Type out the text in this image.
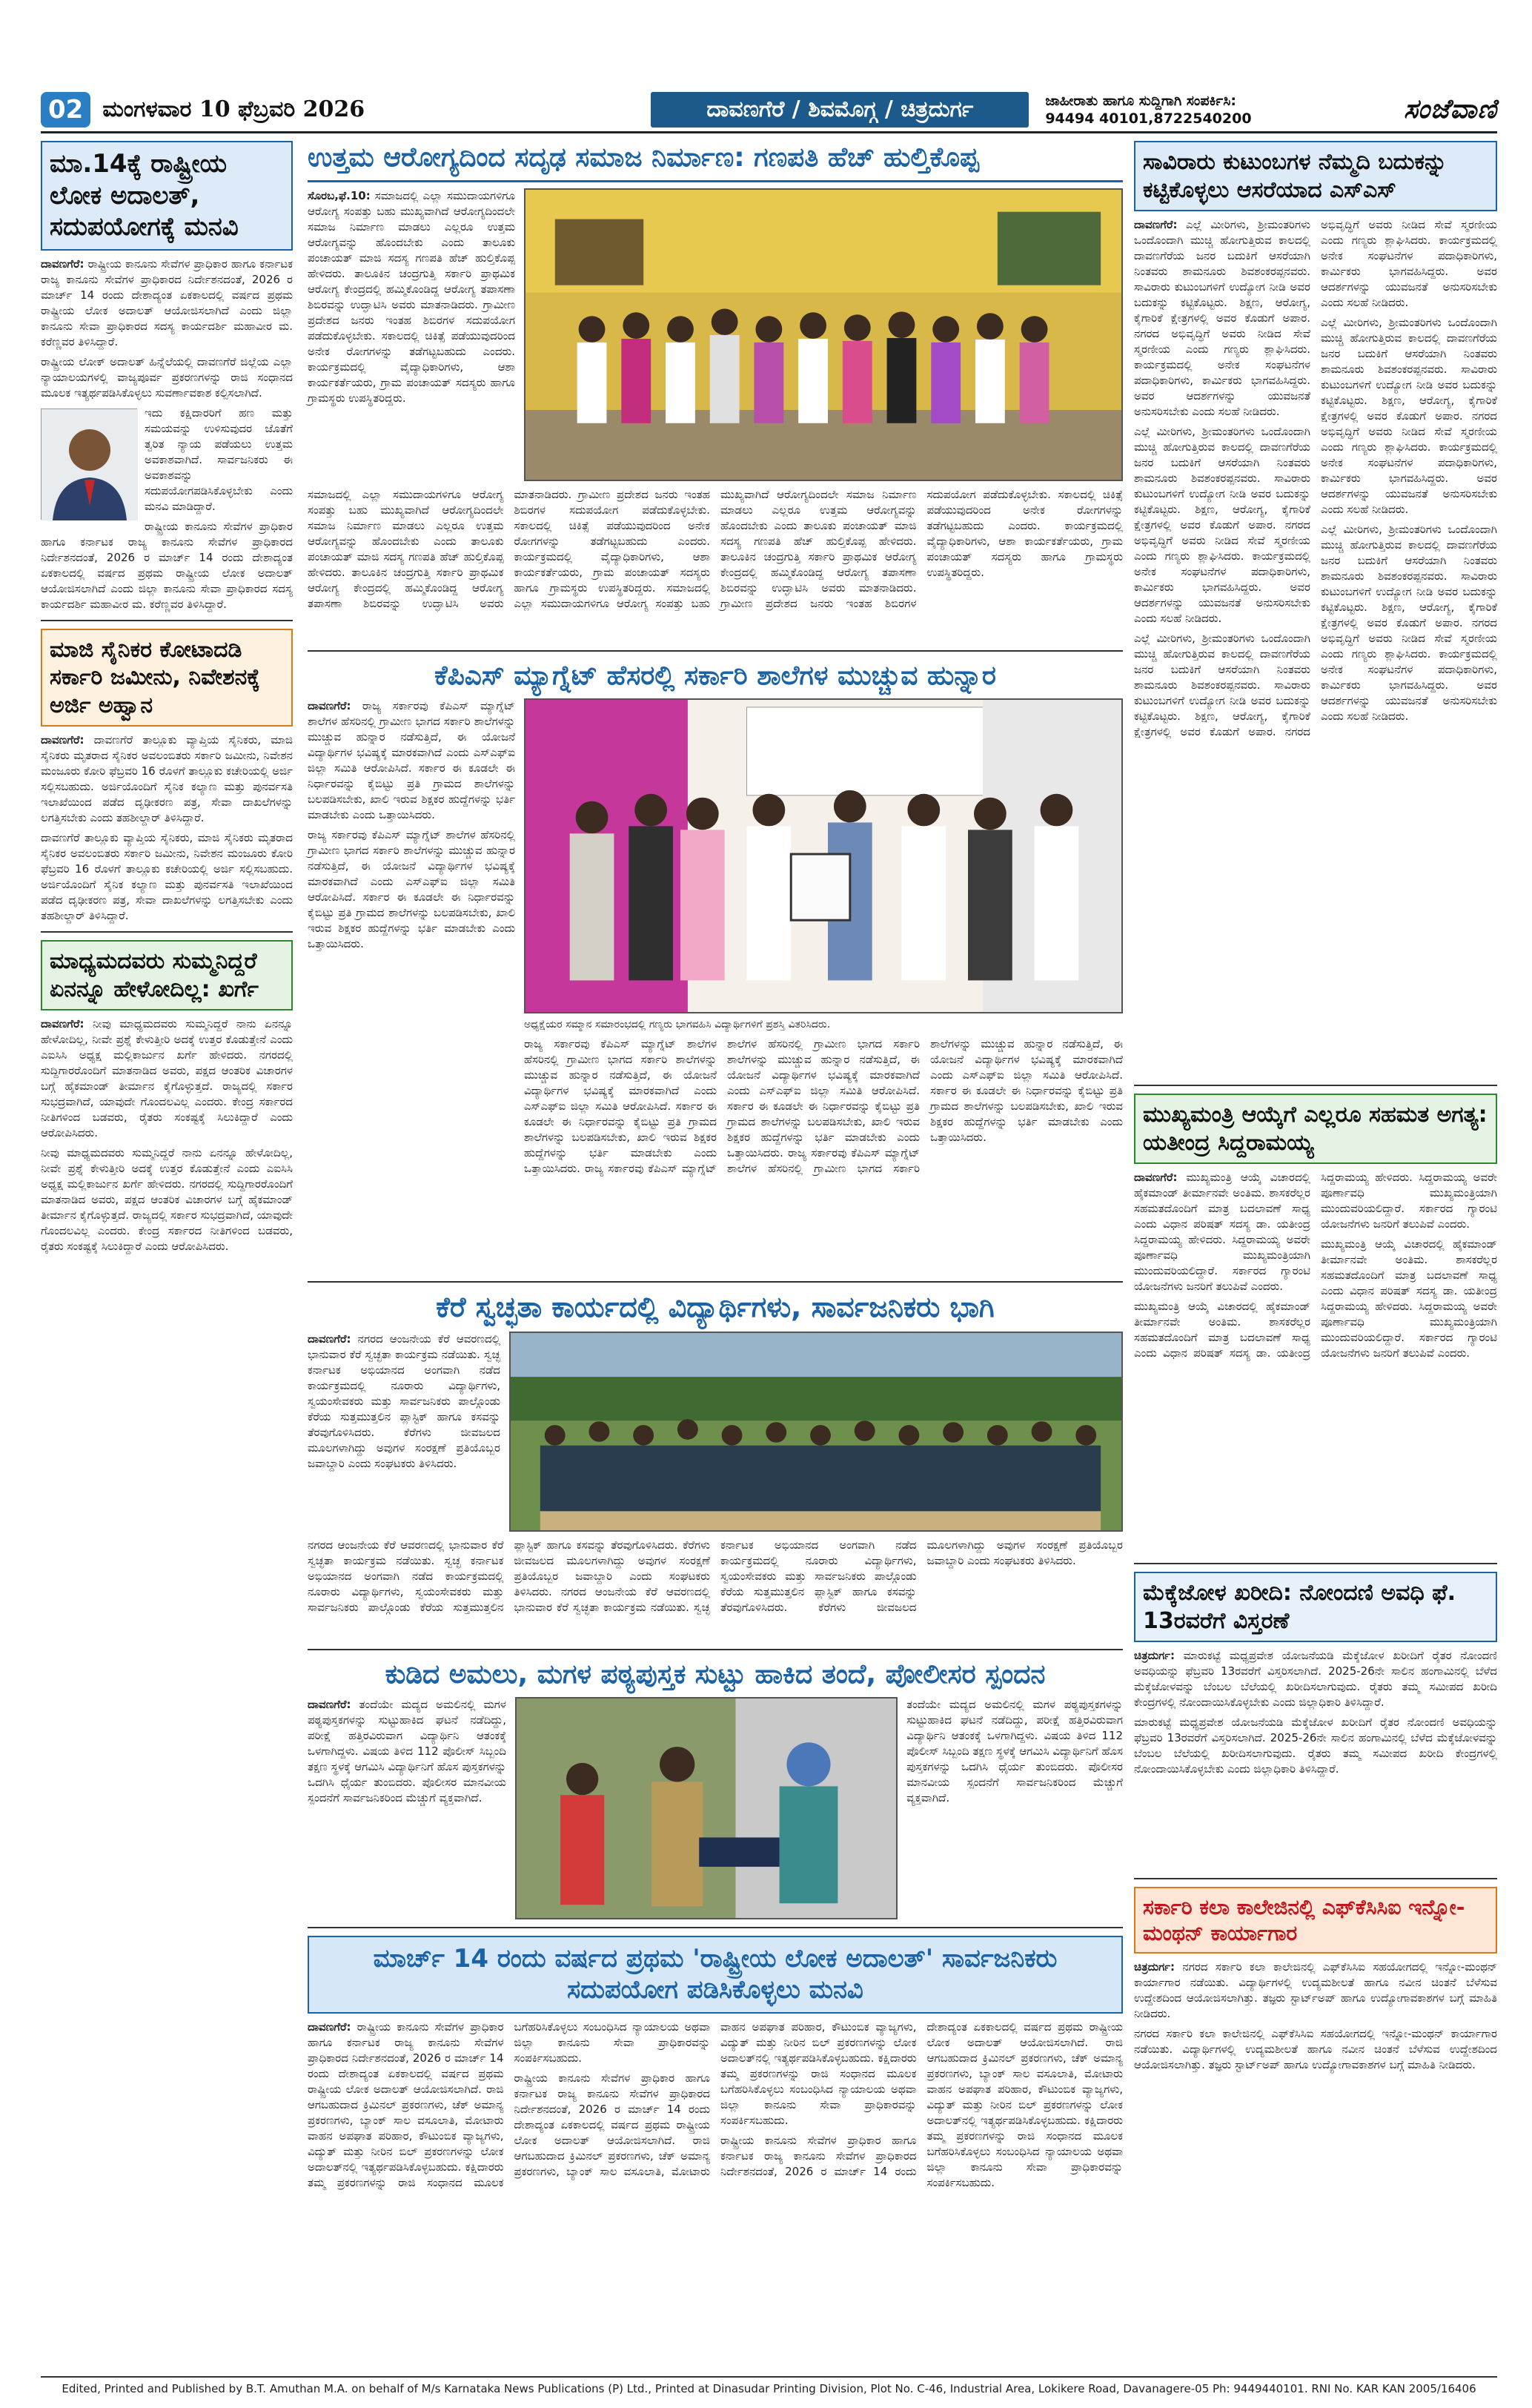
02 ಮಂಗಳವಾರ 10 ಫೆಬ್ರವರಿ 2026	ದಾವಣಗೆರೆ / ಶಿವಮೊಗ್ಗ / ಚಿತ್ರದುರ್ಗ	ಜಾಹೀರಾತು ಹಾಗೂ ಸುದ್ದಿಗಾಗಿ ಸಂಪರ್ಕಿಸಿ:
94494 40101,8722540200	ಸಂಜೆವಾಣಿ
ಮಾ.14ಕ್ಕೆ ರಾಷ್ಟ್ರೀಯ ಲೋಕ ಅದಾಲತ್, ಸದುಪಯೋಗಕ್ಕೆ ಮನವಿ

ದಾವಣಗೆರೆ: ರಾಷ್ಟ್ರೀಯ ಕಾನೂನು ಸೇವೆಗಳ ಪ್ರಾಧಿಕಾರ ಹಾಗೂ ಕರ್ನಾಟಕ ರಾಜ್ಯ ಕಾನೂನು ಸೇವೆಗಳ ಪ್ರಾಧಿಕಾರದ ನಿರ್ದೇಶನದಂತೆ, 2026 ರ ಮಾರ್ಚ್ 14 ರಂದು ದೇಶಾದ್ಯಂತ ಏಕಕಾಲದಲ್ಲಿ ವರ್ಷದ ಪ್ರಥಮ ರಾಷ್ಟ್ರೀಯ ಲೋಕ ಅದಾಲತ್ ಆಯೋಜಿಸಲಾಗಿದೆ ಎಂದು ಜಿಲ್ಲಾ ಕಾನೂನು ಸೇವಾ ಪ್ರಾಧಿಕಾರದ ಸದಸ್ಯ ಕಾರ್ಯದರ್ಶಿ ಮಹಾವೀರ ಮ. ಕರೆಣ್ಣವರ ತಿಳಿಸಿದ್ದಾರೆ.

ರಾಷ್ಟ್ರೀಯ ಲೋಕ್ ಅದಾಲತ್ ಹಿನ್ನೆಲೆಯಲ್ಲಿ ದಾವಣಗೆರೆ ಜಿಲ್ಲೆಯ ಎಲ್ಲಾ ನ್ಯಾಯಾಲಯಗಳಲ್ಲಿ ವಾಜ್ಯಪೂರ್ವ ಪ್ರಕರಣಗಳನ್ನು ರಾಜಿ ಸಂಧಾನದ ಮೂಲಕ ಇತ್ಯರ್ಥಪಡಿಸಿಕೊಳ್ಳಲು ಸುವರ್ಣಾವಕಾಶ ಕಲ್ಪಿಸಲಾಗಿದೆ.

ಇದು ಕಕ್ಷಿದಾರರಿಗೆ ಹಣ ಮತ್ತು ಸಮಯವನ್ನು ಉಳಿಸುವುದರ ಜೊತೆಗೆ ತ್ವರಿತ ನ್ಯಾಯ ಪಡೆಯಲು ಉತ್ತಮ ಅವಕಾಶವಾಗಿದೆ. ಸಾರ್ವಜನಿಕರು ಈ ಅವಕಾಶವನ್ನು ಸದುಪಯೋಗಪಡಿಸಿಕೊಳ್ಳಬೇಕು ಎಂದು ಮನವಿ ಮಾಡಿದ್ದಾರೆ.

ರಾಷ್ಟ್ರೀಯ ಕಾನೂನು ಸೇವೆಗಳ ಪ್ರಾಧಿಕಾರ ಹಾಗೂ ಕರ್ನಾಟಕ ರಾಜ್ಯ ಕಾನೂನು ಸೇವೆಗಳ ಪ್ರಾಧಿಕಾರದ ನಿರ್ದೇಶನದಂತೆ, 2026 ರ ಮಾರ್ಚ್ 14 ರಂದು ದೇಶಾದ್ಯಂತ ಏಕಕಾಲದಲ್ಲಿ ವರ್ಷದ ಪ್ರಥಮ ರಾಷ್ಟ್ರೀಯ ಲೋಕ ಅದಾಲತ್ ಆಯೋಜಿಸಲಾಗಿದೆ ಎಂದು ಜಿಲ್ಲಾ ಕಾನೂನು ಸೇವಾ ಪ್ರಾಧಿಕಾರದ ಸದಸ್ಯ ಕಾರ್ಯದರ್ಶಿ ಮಹಾವೀರ ಮ. ಕರೆಣ್ಣವರ ತಿಳಿಸಿದ್ದಾರೆ.

ಮಾಜಿ ಸೈನಿಕರ ಕೋಟಾದಡಿ ಸರ್ಕಾರಿ ಜಮೀನು, ನಿವೇಶನಕ್ಕೆ ಅರ್ಜಿ ಅಹ್ವಾನ

ದಾವಣಗೆರೆ: ದಾವಣಗೆರೆ ತಾಲ್ಲೂಕು ವ್ಯಾಪ್ತಿಯ ಸೈನಿಕರು, ಮಾಜಿ ಸೈನಿಕರು ಮೃತರಾದ ಸೈನಿಕರ ಅವಲಂಬಿತರು ಸರ್ಕಾರಿ ಜಮೀನು, ನಿವೇಶನ ಮಂಜೂರು ಕೋರಿ ಫೆಬ್ರವರಿ 16 ರೊಳಗೆ ತಾಲ್ಲೂಕು ಕಚೇರಿಯಲ್ಲಿ ಅರ್ಜಿ ಸಲ್ಲಿಸಬಹುದು. ಅರ್ಜಿಯೊಂದಿಗೆ ಸೈನಿಕ ಕಲ್ಯಾಣ ಮತ್ತು ಪುನರ್ವಸತಿ ಇಲಾಖೆಯಿಂದ ಪಡೆದ ದೃಢೀಕರಣ ಪತ್ರ, ಸೇವಾ ದಾಖಲೆಗಳನ್ನು ಲಗತ್ತಿಸಬೇಕು ಎಂದು ತಹಶೀಲ್ದಾರ್ ತಿಳಿಸಿದ್ದಾರೆ.

ದಾವಣಗೆರೆ ತಾಲ್ಲೂಕು ವ್ಯಾಪ್ತಿಯ ಸೈನಿಕರು, ಮಾಜಿ ಸೈನಿಕರು ಮೃತರಾದ ಸೈನಿಕರ ಅವಲಂಬಿತರು ಸರ್ಕಾರಿ ಜಮೀನು, ನಿವೇಶನ ಮಂಜೂರು ಕೋರಿ ಫೆಬ್ರವರಿ 16 ರೊಳಗೆ ತಾಲ್ಲೂಕು ಕಚೇರಿಯಲ್ಲಿ ಅರ್ಜಿ ಸಲ್ಲಿಸಬಹುದು. ಅರ್ಜಿಯೊಂದಿಗೆ ಸೈನಿಕ ಕಲ್ಯಾಣ ಮತ್ತು ಪುನರ್ವಸತಿ ಇಲಾಖೆಯಿಂದ ಪಡೆದ ದೃಢೀಕರಣ ಪತ್ರ, ಸೇವಾ ದಾಖಲೆಗಳನ್ನು ಲಗತ್ತಿಸಬೇಕು ಎಂದು ತಹಶೀಲ್ದಾರ್ ತಿಳಿಸಿದ್ದಾರೆ.

ಮಾಧ್ಯಮದವರು ಸುಮ್ಮನಿದ್ದರೆ ಏನನ್ನೂ ಹೇಳೋದಿಲ್ಲ: ಖರ್ಗೆ

ದಾವಣಗೆರೆ: ನೀವು ಮಾಧ್ಯಮದವರು ಸುಮ್ಮನಿದ್ದರೆ ನಾನು ಏನನ್ನೂ ಹೇಳೋದಿಲ್ಲ, ನೀವೇ ಪ್ರಶ್ನೆ ಕೇಳುತ್ತೀರಿ ಅದಕ್ಕೆ ಉತ್ತರ ಕೊಡುತ್ತೇನೆ ಎಂದು ಎಐಸಿಸಿ ಅಧ್ಯಕ್ಷ ಮಲ್ಲಿಕಾರ್ಜುನ ಖರ್ಗೆ ಹೇಳಿದರು. ನಗರದಲ್ಲಿ ಸುದ್ದಿಗಾರರೊಂದಿಗೆ ಮಾತನಾಡಿದ ಅವರು, ಪಕ್ಷದ ಆಂತರಿಕ ವಿಚಾರಗಳ ಬಗ್ಗೆ ಹೈಕಮಾಂಡ್ ತೀರ್ಮಾನ ಕೈಗೊಳ್ಳುತ್ತದೆ. ರಾಜ್ಯದಲ್ಲಿ ಸರ್ಕಾರ ಸುಭದ್ರವಾಗಿದೆ, ಯಾವುದೇ ಗೊಂದಲವಿಲ್ಲ ಎಂದರು. ಕೇಂದ್ರ ಸರ್ಕಾರದ ನೀತಿಗಳಿಂದ ಬಡವರು, ರೈತರು ಸಂಕಷ್ಟಕ್ಕೆ ಸಿಲುಕಿದ್ದಾರೆ ಎಂದು ಆರೋಪಿಸಿದರು.

ನೀವು ಮಾಧ್ಯಮದವರು ಸುಮ್ಮನಿದ್ದರೆ ನಾನು ಏನನ್ನೂ ಹೇಳೋದಿಲ್ಲ, ನೀವೇ ಪ್ರಶ್ನೆ ಕೇಳುತ್ತೀರಿ ಅದಕ್ಕೆ ಉತ್ತರ ಕೊಡುತ್ತೇನೆ ಎಂದು ಎಐಸಿಸಿ ಅಧ್ಯಕ್ಷ ಮಲ್ಲಿಕಾರ್ಜುನ ಖರ್ಗೆ ಹೇಳಿದರು. ನಗರದಲ್ಲಿ ಸುದ್ದಿಗಾರರೊಂದಿಗೆ ಮಾತನಾಡಿದ ಅವರು, ಪಕ್ಷದ ಆಂತರಿಕ ವಿಚಾರಗಳ ಬಗ್ಗೆ ಹೈಕಮಾಂಡ್ ತೀರ್ಮಾನ ಕೈಗೊಳ್ಳುತ್ತದೆ. ರಾಜ್ಯದಲ್ಲಿ ಸರ್ಕಾರ ಸುಭದ್ರವಾಗಿದೆ, ಯಾವುದೇ ಗೊಂದಲವಿಲ್ಲ ಎಂದರು. ಕೇಂದ್ರ ಸರ್ಕಾರದ ನೀತಿಗಳಿಂದ ಬಡವರು, ರೈತರು ಸಂಕಷ್ಟಕ್ಕೆ ಸಿಲುಕಿದ್ದಾರೆ ಎಂದು ಆರೋಪಿಸಿದರು.

ಉತ್ತಮ ಆರೋಗ್ಯದಿಂದ ಸದೃಢ ಸಮಾಜ ನಿರ್ಮಾಣ: ಗಣಪತಿ ಹೆಚ್ ಹುಲ್ತಿಕೊಪ್ಪ

ಸೊರಬ,ಫೆ.10: ಸಮಾಜದಲ್ಲಿ ಎಲ್ಲಾ ಸಮುದಾಯಗಳಿಗೂ ಆರೋಗ್ಯ ಸಂಪತ್ತು ಬಹು ಮುಖ್ಯವಾಗಿದೆ ಆರೋಗ್ಯದಿಂದಲೇ ಸಮಾಜ ನಿರ್ಮಾಣ ಮಾಡಲು ಎಲ್ಲರೂ ಉತ್ತಮ ಆರೋಗ್ಯವನ್ನು ಹೊಂದಬೇಕು ಎಂದು ತಾಲೂಕು ಪಂಚಾಯತ್ ಮಾಜಿ ಸದಸ್ಯ ಗಣಪತಿ ಹೆಚ್ ಹುಲ್ತಿಕೊಪ್ಪ ಹೇಳಿದರು. ತಾಲೂಕಿನ ಚಂದ್ರಗುತ್ತಿ ಸರ್ಕಾರಿ ಪ್ರಾಥಮಿಕ ಆರೋಗ್ಯ ಕೇಂದ್ರದಲ್ಲಿ ಹಮ್ಮಿಕೊಂಡಿದ್ದ ಆರೋಗ್ಯ ತಪಾಸಣಾ ಶಿಬಿರವನ್ನು ಉದ್ಘಾಟಿಸಿ ಅವರು ಮಾತನಾಡಿದರು. ಗ್ರಾಮೀಣ ಪ್ರದೇಶದ ಜನರು ಇಂತಹ ಶಿಬಿರಗಳ ಸದುಪಯೋಗ ಪಡೆದುಕೊಳ್ಳಬೇಕು. ಸಕಾಲದಲ್ಲಿ ಚಿಕಿತ್ಸೆ ಪಡೆಯುವುದರಿಂದ ಅನೇಕ ರೋಗಗಳನ್ನು ತಡೆಗಟ್ಟಬಹುದು ಎಂದರು. ಕಾರ್ಯಕ್ರಮದಲ್ಲಿ ವೈದ್ಯಾಧಿಕಾರಿಗಳು, ಆಶಾ ಕಾರ್ಯಕರ್ತೆಯರು, ಗ್ರಾಮ ಪಂಚಾಯತ್ ಸದಸ್ಯರು ಹಾಗೂ ಗ್ರಾಮಸ್ಥರು ಉಪಸ್ಥಿತರಿದ್ದರು.

ಸಮಾಜದಲ್ಲಿ ಎಲ್ಲಾ ಸಮುದಾಯಗಳಿಗೂ ಆರೋಗ್ಯ ಸಂಪತ್ತು ಬಹು ಮುಖ್ಯವಾಗಿದೆ ಆರೋಗ್ಯದಿಂದಲೇ ಸಮಾಜ ನಿರ್ಮಾಣ ಮಾಡಲು ಎಲ್ಲರೂ ಉತ್ತಮ ಆರೋಗ್ಯವನ್ನು ಹೊಂದಬೇಕು ಎಂದು ತಾಲೂಕು ಪಂಚಾಯತ್ ಮಾಜಿ ಸದಸ್ಯ ಗಣಪತಿ ಹೆಚ್ ಹುಲ್ತಿಕೊಪ್ಪ ಹೇಳಿದರು. ತಾಲೂಕಿನ ಚಂದ್ರಗುತ್ತಿ ಸರ್ಕಾರಿ ಪ್ರಾಥಮಿಕ ಆರೋಗ್ಯ ಕೇಂದ್ರದಲ್ಲಿ ಹಮ್ಮಿಕೊಂಡಿದ್ದ ಆರೋಗ್ಯ ತಪಾಸಣಾ ಶಿಬಿರವನ್ನು ಉದ್ಘಾಟಿಸಿ ಅವರು ಮಾತನಾಡಿದರು. ಗ್ರಾಮೀಣ ಪ್ರದೇಶದ ಜನರು ಇಂತಹ ಶಿಬಿರಗಳ ಸದುಪಯೋಗ ಪಡೆದುಕೊಳ್ಳಬೇಕು. ಸಕಾಲದಲ್ಲಿ ಚಿಕಿತ್ಸೆ ಪಡೆಯುವುದರಿಂದ ಅನೇಕ ರೋಗಗಳನ್ನು ತಡೆಗಟ್ಟಬಹುದು ಎಂದರು. ಕಾರ್ಯಕ್ರಮದಲ್ಲಿ ವೈದ್ಯಾಧಿಕಾರಿಗಳು, ಆಶಾ ಕಾರ್ಯಕರ್ತೆಯರು, ಗ್ರಾಮ ಪಂಚಾಯತ್ ಸದಸ್ಯರು ಹಾಗೂ ಗ್ರಾಮಸ್ಥರು ಉಪಸ್ಥಿತರಿದ್ದರು. ಸಮಾಜದಲ್ಲಿ ಎಲ್ಲಾ ಸಮುದಾಯಗಳಿಗೂ ಆರೋಗ್ಯ ಸಂಪತ್ತು ಬಹು ಮುಖ್ಯವಾಗಿದೆ ಆರೋಗ್ಯದಿಂದಲೇ ಸಮಾಜ ನಿರ್ಮಾಣ ಮಾಡಲು ಎಲ್ಲರೂ ಉತ್ತಮ ಆರೋಗ್ಯವನ್ನು ಹೊಂದಬೇಕು ಎಂದು ತಾಲೂಕು ಪಂಚಾಯತ್ ಮಾಜಿ ಸದಸ್ಯ ಗಣಪತಿ ಹೆಚ್ ಹುಲ್ತಿಕೊಪ್ಪ ಹೇಳಿದರು. ತಾಲೂಕಿನ ಚಂದ್ರಗುತ್ತಿ ಸರ್ಕಾರಿ ಪ್ರಾಥಮಿಕ ಆರೋಗ್ಯ ಕೇಂದ್ರದಲ್ಲಿ ಹಮ್ಮಿಕೊಂಡಿದ್ದ ಆರೋಗ್ಯ ತಪಾಸಣಾ ಶಿಬಿರವನ್ನು ಉದ್ಘಾಟಿಸಿ ಅವರು ಮಾತನಾಡಿದರು. ಗ್ರಾಮೀಣ ಪ್ರದೇಶದ ಜನರು ಇಂತಹ ಶಿಬಿರಗಳ ಸದುಪಯೋಗ ಪಡೆದುಕೊಳ್ಳಬೇಕು. ಸಕಾಲದಲ್ಲಿ ಚಿಕಿತ್ಸೆ ಪಡೆಯುವುದರಿಂದ ಅನೇಕ ರೋಗಗಳನ್ನು ತಡೆಗಟ್ಟಬಹುದು ಎಂದರು. ಕಾರ್ಯಕ್ರಮದಲ್ಲಿ ವೈದ್ಯಾಧಿಕಾರಿಗಳು, ಆಶಾ ಕಾರ್ಯಕರ್ತೆಯರು, ಗ್ರಾಮ ಪಂಚಾಯತ್ ಸದಸ್ಯರು ಹಾಗೂ ಗ್ರಾಮಸ್ಥರು ಉಪಸ್ಥಿತರಿದ್ದರು.
ಕೆಪಿಎಸ್ ಮ್ಯಾಗ್ನೆಟ್ ಹೆಸರಲ್ಲಿ ಸರ್ಕಾರಿ ಶಾಲೆಗಳ ಮುಚ್ಚುವ ಹುನ್ನಾರ

ದಾವಣಗೆರೆ: ರಾಜ್ಯ ಸರ್ಕಾರವು ಕೆಪಿಎಸ್ ಮ್ಯಾಗ್ನೆಟ್ ಶಾಲೆಗಳ ಹೆಸರಿನಲ್ಲಿ ಗ್ರಾಮೀಣ ಭಾಗದ ಸರ್ಕಾರಿ ಶಾಲೆಗಳನ್ನು ಮುಚ್ಚುವ ಹುನ್ನಾರ ನಡೆಸುತ್ತಿದೆ, ಈ ಯೋಜನೆ ವಿದ್ಯಾರ್ಥಿಗಳ ಭವಿಷ್ಯಕ್ಕೆ ಮಾರಕವಾಗಿದೆ ಎಂದು ಎಸ್ಎಫ್ಐ ಜಿಲ್ಲಾ ಸಮಿತಿ ಆರೋಪಿಸಿದೆ. ಸರ್ಕಾರ ಈ ಕೂಡಲೇ ಈ ನಿರ್ಧಾರವನ್ನು ಕೈಬಿಟ್ಟು ಪ್ರತಿ ಗ್ರಾಮದ ಶಾಲೆಗಳನ್ನು ಬಲಪಡಿಸಬೇಕು, ಖಾಲಿ ಇರುವ ಶಿಕ್ಷಕರ ಹುದ್ದೆಗಳನ್ನು ಭರ್ತಿ ಮಾಡಬೇಕು ಎಂದು ಒತ್ತಾಯಿಸಿದರು.

ರಾಜ್ಯ ಸರ್ಕಾರವು ಕೆಪಿಎಸ್ ಮ್ಯಾಗ್ನೆಟ್ ಶಾಲೆಗಳ ಹೆಸರಿನಲ್ಲಿ ಗ್ರಾಮೀಣ ಭಾಗದ ಸರ್ಕಾರಿ ಶಾಲೆಗಳನ್ನು ಮುಚ್ಚುವ ಹುನ್ನಾರ ನಡೆಸುತ್ತಿದೆ, ಈ ಯೋಜನೆ ವಿದ್ಯಾರ್ಥಿಗಳ ಭವಿಷ್ಯಕ್ಕೆ ಮಾರಕವಾಗಿದೆ ಎಂದು ಎಸ್ಎಫ್ಐ ಜಿಲ್ಲಾ ಸಮಿತಿ ಆರೋಪಿಸಿದೆ. ಸರ್ಕಾರ ಈ ಕೂಡಲೇ ಈ ನಿರ್ಧಾರವನ್ನು ಕೈಬಿಟ್ಟು ಪ್ರತಿ ಗ್ರಾಮದ ಶಾಲೆಗಳನ್ನು ಬಲಪಡಿಸಬೇಕು, ಖಾಲಿ ಇರುವ ಶಿಕ್ಷಕರ ಹುದ್ದೆಗಳನ್ನು ಭರ್ತಿ ಮಾಡಬೇಕು ಎಂದು ಒತ್ತಾಯಿಸಿದರು.

ಅಧ್ಯಕ್ಷೆಯರ ಸಮ್ಮಾನ ಸಮಾರಂಭದಲ್ಲಿ ಗಣ್ಯರು ಭಾಗವಹಿಸಿ ವಿದ್ಯಾರ್ಥಿಗಳಿಗೆ ಪ್ರಶಸ್ತಿ ವಿತರಿಸಿದರು.
ರಾಜ್ಯ ಸರ್ಕಾರವು ಕೆಪಿಎಸ್ ಮ್ಯಾಗ್ನೆಟ್ ಶಾಲೆಗಳ ಹೆಸರಿನಲ್ಲಿ ಗ್ರಾಮೀಣ ಭಾಗದ ಸರ್ಕಾರಿ ಶಾಲೆಗಳನ್ನು ಮುಚ್ಚುವ ಹುನ್ನಾರ ನಡೆಸುತ್ತಿದೆ, ಈ ಯೋಜನೆ ವಿದ್ಯಾರ್ಥಿಗಳ ಭವಿಷ್ಯಕ್ಕೆ ಮಾರಕವಾಗಿದೆ ಎಂದು ಎಸ್ಎಫ್ಐ ಜಿಲ್ಲಾ ಸಮಿತಿ ಆರೋಪಿಸಿದೆ. ಸರ್ಕಾರ ಈ ಕೂಡಲೇ ಈ ನಿರ್ಧಾರವನ್ನು ಕೈಬಿಟ್ಟು ಪ್ರತಿ ಗ್ರಾಮದ ಶಾಲೆಗಳನ್ನು ಬಲಪಡಿಸಬೇಕು, ಖಾಲಿ ಇರುವ ಶಿಕ್ಷಕರ ಹುದ್ದೆಗಳನ್ನು ಭರ್ತಿ ಮಾಡಬೇಕು ಎಂದು ಒತ್ತಾಯಿಸಿದರು. ರಾಜ್ಯ ಸರ್ಕಾರವು ಕೆಪಿಎಸ್ ಮ್ಯಾಗ್ನೆಟ್ ಶಾಲೆಗಳ ಹೆಸರಿನಲ್ಲಿ ಗ್ರಾಮೀಣ ಭಾಗದ ಸರ್ಕಾರಿ ಶಾಲೆಗಳನ್ನು ಮುಚ್ಚುವ ಹುನ್ನಾರ ನಡೆಸುತ್ತಿದೆ, ಈ ಯೋಜನೆ ವಿದ್ಯಾರ್ಥಿಗಳ ಭವಿಷ್ಯಕ್ಕೆ ಮಾರಕವಾಗಿದೆ ಎಂದು ಎಸ್ಎಫ್ಐ ಜಿಲ್ಲಾ ಸಮಿತಿ ಆರೋಪಿಸಿದೆ. ಸರ್ಕಾರ ಈ ಕೂಡಲೇ ಈ ನಿರ್ಧಾರವನ್ನು ಕೈಬಿಟ್ಟು ಪ್ರತಿ ಗ್ರಾಮದ ಶಾಲೆಗಳನ್ನು ಬಲಪಡಿಸಬೇಕು, ಖಾಲಿ ಇರುವ ಶಿಕ್ಷಕರ ಹುದ್ದೆಗಳನ್ನು ಭರ್ತಿ ಮಾಡಬೇಕು ಎಂದು ಒತ್ತಾಯಿಸಿದರು. ರಾಜ್ಯ ಸರ್ಕಾರವು ಕೆಪಿಎಸ್ ಮ್ಯಾಗ್ನೆಟ್ ಶಾಲೆಗಳ ಹೆಸರಿನಲ್ಲಿ ಗ್ರಾಮೀಣ ಭಾಗದ ಸರ್ಕಾರಿ ಶಾಲೆಗಳನ್ನು ಮುಚ್ಚುವ ಹುನ್ನಾರ ನಡೆಸುತ್ತಿದೆ, ಈ ಯೋಜನೆ ವಿದ್ಯಾರ್ಥಿಗಳ ಭವಿಷ್ಯಕ್ಕೆ ಮಾರಕವಾಗಿದೆ ಎಂದು ಎಸ್ಎಫ್ಐ ಜಿಲ್ಲಾ ಸಮಿತಿ ಆರೋಪಿಸಿದೆ. ಸರ್ಕಾರ ಈ ಕೂಡಲೇ ಈ ನಿರ್ಧಾರವನ್ನು ಕೈಬಿಟ್ಟು ಪ್ರತಿ ಗ್ರಾಮದ ಶಾಲೆಗಳನ್ನು ಬಲಪಡಿಸಬೇಕು, ಖಾಲಿ ಇರುವ ಶಿಕ್ಷಕರ ಹುದ್ದೆಗಳನ್ನು ಭರ್ತಿ ಮಾಡಬೇಕು ಎಂದು ಒತ್ತಾಯಿಸಿದರು.
ಕೆರೆ ಸ್ವಚ್ಛತಾ ಕಾರ್ಯದಲ್ಲಿ ವಿದ್ಯಾರ್ಥಿಗಳು, ಸಾರ್ವಜನಿಕರು ಭಾಗಿ

ದಾವಣಗೆರೆ: ನಗರದ ಆಂಜನೇಯ ಕೆರೆ ಆವರಣದಲ್ಲಿ ಭಾನುವಾರ ಕೆರೆ ಸ್ವಚ್ಛತಾ ಕಾರ್ಯಕ್ರಮ ನಡೆಯಿತು. ಸ್ವಚ್ಛ ಕರ್ನಾಟಕ ಅಭಿಯಾನದ ಅಂಗವಾಗಿ ನಡೆದ ಕಾರ್ಯಕ್ರಮದಲ್ಲಿ ನೂರಾರು ವಿದ್ಯಾರ್ಥಿಗಳು, ಸ್ವಯಂಸೇವಕರು ಮತ್ತು ಸಾರ್ವಜನಿಕರು ಪಾಲ್ಗೊಂಡು ಕೆರೆಯ ಸುತ್ತಮುತ್ತಲಿನ ಪ್ಲಾಸ್ಟಿಕ್ ಹಾಗೂ ಕಸವನ್ನು ತೆರವುಗೊಳಿಸಿದರು. ಕೆರೆಗಳು ಜೀವಜಲದ ಮೂಲಗಳಾಗಿದ್ದು ಅವುಗಳ ಸಂರಕ್ಷಣೆ ಪ್ರತಿಯೊಬ್ಬರ ಜವಾಬ್ದಾರಿ ಎಂದು ಸಂಘಟಕರು ತಿಳಿಸಿದರು.

ನಗರದ ಆಂಜನೇಯ ಕೆರೆ ಆವರಣದಲ್ಲಿ ಭಾನುವಾರ ಕೆರೆ ಸ್ವಚ್ಛತಾ ಕಾರ್ಯಕ್ರಮ ನಡೆಯಿತು. ಸ್ವಚ್ಛ ಕರ್ನಾಟಕ ಅಭಿಯಾನದ ಅಂಗವಾಗಿ ನಡೆದ ಕಾರ್ಯಕ್ರಮದಲ್ಲಿ ನೂರಾರು ವಿದ್ಯಾರ್ಥಿಗಳು, ಸ್ವಯಂಸೇವಕರು ಮತ್ತು ಸಾರ್ವಜನಿಕರು ಪಾಲ್ಗೊಂಡು ಕೆರೆಯ ಸುತ್ತಮುತ್ತಲಿನ ಪ್ಲಾಸ್ಟಿಕ್ ಹಾಗೂ ಕಸವನ್ನು ತೆರವುಗೊಳಿಸಿದರು. ಕೆರೆಗಳು ಜೀವಜಲದ ಮೂಲಗಳಾಗಿದ್ದು ಅವುಗಳ ಸಂರಕ್ಷಣೆ ಪ್ರತಿಯೊಬ್ಬರ ಜವಾಬ್ದಾರಿ ಎಂದು ಸಂಘಟಕರು ತಿಳಿಸಿದರು. ನಗರದ ಆಂಜನೇಯ ಕೆರೆ ಆವರಣದಲ್ಲಿ ಭಾನುವಾರ ಕೆರೆ ಸ್ವಚ್ಛತಾ ಕಾರ್ಯಕ್ರಮ ನಡೆಯಿತು. ಸ್ವಚ್ಛ ಕರ್ನಾಟಕ ಅಭಿಯಾನದ ಅಂಗವಾಗಿ ನಡೆದ ಕಾರ್ಯಕ್ರಮದಲ್ಲಿ ನೂರಾರು ವಿದ್ಯಾರ್ಥಿಗಳು, ಸ್ವಯಂಸೇವಕರು ಮತ್ತು ಸಾರ್ವಜನಿಕರು ಪಾಲ್ಗೊಂಡು ಕೆರೆಯ ಸುತ್ತಮುತ್ತಲಿನ ಪ್ಲಾಸ್ಟಿಕ್ ಹಾಗೂ ಕಸವನ್ನು ತೆರವುಗೊಳಿಸಿದರು. ಕೆರೆಗಳು ಜೀವಜಲದ ಮೂಲಗಳಾಗಿದ್ದು ಅವುಗಳ ಸಂರಕ್ಷಣೆ ಪ್ರತಿಯೊಬ್ಬರ ಜವಾಬ್ದಾರಿ ಎಂದು ಸಂಘಟಕರು ತಿಳಿಸಿದರು.
ಕುಡಿದ ಅಮಲು, ಮಗಳ ಪಠ್ಯಪುಸ್ತಕ ಸುಟ್ಟು ಹಾಕಿದ ತಂದೆ, ಪೋಲೀಸರ ಸ್ಪಂದನ

ದಾವಣಗೆರೆ: ತಂದೆಯೇ ಮದ್ಯದ ಅಮಲಿನಲ್ಲಿ ಮಗಳ ಪಠ್ಯಪುಸ್ತಕಗಳನ್ನು ಸುಟ್ಟುಹಾಕಿದ ಘಟನೆ ನಡೆದಿದ್ದು, ಪರೀಕ್ಷೆ ಹತ್ತಿರವಿರುವಾಗ ವಿದ್ಯಾರ್ಥಿನಿ ಆತಂಕಕ್ಕೆ ಒಳಗಾಗಿದ್ದಳು. ವಿಷಯ ತಿಳಿದ 112 ಪೊಲೀಸ್ ಸಿಬ್ಬಂದಿ ತಕ್ಷಣ ಸ್ಥಳಕ್ಕೆ ಆಗಮಿಸಿ ವಿದ್ಯಾರ್ಥಿನಿಗೆ ಹೊಸ ಪುಸ್ತಕಗಳನ್ನು ಒದಗಿಸಿ ಧೈರ್ಯ ತುಂಬಿದರು. ಪೊಲೀಸರ ಮಾನವೀಯ ಸ್ಪಂದನೆಗೆ ಸಾರ್ವಜನಿಕರಿಂದ ಮೆಚ್ಚುಗೆ ವ್ಯಕ್ತವಾಗಿದೆ.

ತಂದೆಯೇ ಮದ್ಯದ ಅಮಲಿನಲ್ಲಿ ಮಗಳ ಪಠ್ಯಪುಸ್ತಕಗಳನ್ನು ಸುಟ್ಟುಹಾಕಿದ ಘಟನೆ ನಡೆದಿದ್ದು, ಪರೀಕ್ಷೆ ಹತ್ತಿರವಿರುವಾಗ ವಿದ್ಯಾರ್ಥಿನಿ ಆತಂಕಕ್ಕೆ ಒಳಗಾಗಿದ್ದಳು. ವಿಷಯ ತಿಳಿದ 112 ಪೊಲೀಸ್ ಸಿಬ್ಬಂದಿ ತಕ್ಷಣ ಸ್ಥಳಕ್ಕೆ ಆಗಮಿಸಿ ವಿದ್ಯಾರ್ಥಿನಿಗೆ ಹೊಸ ಪುಸ್ತಕಗಳನ್ನು ಒದಗಿಸಿ ಧೈರ್ಯ ತುಂಬಿದರು. ಪೊಲೀಸರ ಮಾನವೀಯ ಸ್ಪಂದನೆಗೆ ಸಾರ್ವಜನಿಕರಿಂದ ಮೆಚ್ಚುಗೆ ವ್ಯಕ್ತವಾಗಿದೆ.

ಮಾರ್ಚ್ 14 ರಂದು ವರ್ಷದ ಪ್ರಥಮ 'ರಾಷ್ಟ್ರೀಯ ಲೋಕ ಅದಾಲತ್' ಸಾರ್ವಜನಿಕರು ಸದುಪಯೋಗ ಪಡಿಸಿಕೊಳ್ಳಲು ಮನವಿ

ದಾವಣಗೆರೆ: ರಾಷ್ಟ್ರೀಯ ಕಾನೂನು ಸೇವೆಗಳ ಪ್ರಾಧಿಕಾರ ಹಾಗೂ ಕರ್ನಾಟಕ ರಾಜ್ಯ ಕಾನೂನು ಸೇವೆಗಳ ಪ್ರಾಧಿಕಾರದ ನಿರ್ದೇಶನದಂತೆ, 2026 ರ ಮಾರ್ಚ್ 14 ರಂದು ದೇಶಾದ್ಯಂತ ಏಕಕಾಲದಲ್ಲಿ ವರ್ಷದ ಪ್ರಥಮ ರಾಷ್ಟ್ರೀಯ ಲೋಕ ಅದಾಲತ್ ಆಯೋಜಿಸಲಾಗಿದೆ. ರಾಜಿ ಆಗಬಹುದಾದ ಕ್ರಿಮಿನಲ್ ಪ್ರಕರಣಗಳು, ಚೆಕ್ ಅಮಾನ್ಯ ಪ್ರಕರಣಗಳು, ಬ್ಯಾಂಕ್ ಸಾಲ ವಸೂಲಾತಿ, ಮೋಟಾರು ವಾಹನ ಅಪಘಾತ ಪರಿಹಾರ, ಕೌಟುಂಬಿಕ ವ್ಯಾಜ್ಯಗಳು, ವಿದ್ಯುತ್ ಮತ್ತು ನೀರಿನ ಬಿಲ್ ಪ್ರಕರಣಗಳನ್ನು ಲೋಕ ಅದಾಲತ್‌ನಲ್ಲಿ ಇತ್ಯರ್ಥಪಡಿಸಿಕೊಳ್ಳಬಹುದು. ಕಕ್ಷಿದಾರರು ತಮ್ಮ ಪ್ರಕರಣಗಳನ್ನು ರಾಜಿ ಸಂಧಾನದ ಮೂಲಕ ಬಗೆಹರಿಸಿಕೊಳ್ಳಲು ಸಂಬಂಧಿಸಿದ ನ್ಯಾಯಾಲಯ ಅಥವಾ ಜಿಲ್ಲಾ ಕಾನೂನು ಸೇವಾ ಪ್ರಾಧಿಕಾರವನ್ನು ಸಂಪರ್ಕಿಸಬಹುದು.

ರಾಷ್ಟ್ರೀಯ ಕಾನೂನು ಸೇವೆಗಳ ಪ್ರಾಧಿಕಾರ ಹಾಗೂ ಕರ್ನಾಟಕ ರಾಜ್ಯ ಕಾನೂನು ಸೇವೆಗಳ ಪ್ರಾಧಿಕಾರದ ನಿರ್ದೇಶನದಂತೆ, 2026 ರ ಮಾರ್ಚ್ 14 ರಂದು ದೇಶಾದ್ಯಂತ ಏಕಕಾಲದಲ್ಲಿ ವರ್ಷದ ಪ್ರಥಮ ರಾಷ್ಟ್ರೀಯ ಲೋಕ ಅದಾಲತ್ ಆಯೋಜಿಸಲಾಗಿದೆ. ರಾಜಿ ಆಗಬಹುದಾದ ಕ್ರಿಮಿನಲ್ ಪ್ರಕರಣಗಳು, ಚೆಕ್ ಅಮಾನ್ಯ ಪ್ರಕರಣಗಳು, ಬ್ಯಾಂಕ್ ಸಾಲ ವಸೂಲಾತಿ, ಮೋಟಾರು ವಾಹನ ಅಪಘಾತ ಪರಿಹಾರ, ಕೌಟುಂಬಿಕ ವ್ಯಾಜ್ಯಗಳು, ವಿದ್ಯುತ್ ಮತ್ತು ನೀರಿನ ಬಿಲ್ ಪ್ರಕರಣಗಳನ್ನು ಲೋಕ ಅದಾಲತ್‌ನಲ್ಲಿ ಇತ್ಯರ್ಥಪಡಿಸಿಕೊಳ್ಳಬಹುದು. ಕಕ್ಷಿದಾರರು ತಮ್ಮ ಪ್ರಕರಣಗಳನ್ನು ರಾಜಿ ಸಂಧಾನದ ಮೂಲಕ ಬಗೆಹರಿಸಿಕೊಳ್ಳಲು ಸಂಬಂಧಿಸಿದ ನ್ಯಾಯಾಲಯ ಅಥವಾ ಜಿಲ್ಲಾ ಕಾನೂನು ಸೇವಾ ಪ್ರಾಧಿಕಾರವನ್ನು ಸಂಪರ್ಕಿಸಬಹುದು.

ರಾಷ್ಟ್ರೀಯ ಕಾನೂನು ಸೇವೆಗಳ ಪ್ರಾಧಿಕಾರ ಹಾಗೂ ಕರ್ನಾಟಕ ರಾಜ್ಯ ಕಾನೂನು ಸೇವೆಗಳ ಪ್ರಾಧಿಕಾರದ ನಿರ್ದೇಶನದಂತೆ, 2026 ರ ಮಾರ್ಚ್ 14 ರಂದು ದೇಶಾದ್ಯಂತ ಏಕಕಾಲದಲ್ಲಿ ವರ್ಷದ ಪ್ರಥಮ ರಾಷ್ಟ್ರೀಯ ಲೋಕ ಅದಾಲತ್ ಆಯೋಜಿಸಲಾಗಿದೆ. ರಾಜಿ ಆಗಬಹುದಾದ ಕ್ರಿಮಿನಲ್ ಪ್ರಕರಣಗಳು, ಚೆಕ್ ಅಮಾನ್ಯ ಪ್ರಕರಣಗಳು, ಬ್ಯಾಂಕ್ ಸಾಲ ವಸೂಲಾತಿ, ಮೋಟಾರು ವಾಹನ ಅಪಘಾತ ಪರಿಹಾರ, ಕೌಟುಂಬಿಕ ವ್ಯಾಜ್ಯಗಳು, ವಿದ್ಯುತ್ ಮತ್ತು ನೀರಿನ ಬಿಲ್ ಪ್ರಕರಣಗಳನ್ನು ಲೋಕ ಅದಾಲತ್‌ನಲ್ಲಿ ಇತ್ಯರ್ಥಪಡಿಸಿಕೊಳ್ಳಬಹುದು. ಕಕ್ಷಿದಾರರು ತಮ್ಮ ಪ್ರಕರಣಗಳನ್ನು ರಾಜಿ ಸಂಧಾನದ ಮೂಲಕ ಬಗೆಹರಿಸಿಕೊಳ್ಳಲು ಸಂಬಂಧಿಸಿದ ನ್ಯಾಯಾಲಯ ಅಥವಾ ಜಿಲ್ಲಾ ಕಾನೂನು ಸೇವಾ ಪ್ರಾಧಿಕಾರವನ್ನು ಸಂಪರ್ಕಿಸಬಹುದು.

ಸಾವಿರಾರು ಕುಟುಂಬಗಳ ನೆಮ್ಮದಿ ಬದುಕನ್ನು ಕಟ್ಟಿಕೊಳ್ಳಲು ಆಸರೆಯಾದ ಎಸ್ಎಸ್

ದಾವಣಗೆರೆ: ಎಲ್ಲೆ ಮೀರಿಗಳು, ಶ್ರೀಮಂತರಿಗಳು ಒಂದೊಂದಾಗಿ ಮುಚ್ಚಿ ಹೋಗುತ್ತಿರುವ ಕಾಲದಲ್ಲಿ ದಾವಣಗೆರೆಯ ಜನರ ಬದುಕಿಗೆ ಆಸರೆಯಾಗಿ ನಿಂತವರು ಶಾಮನೂರು ಶಿವಶಂಕರಪ್ಪನವರು. ಸಾವಿರಾರು ಕುಟುಂಬಗಳಿಗೆ ಉದ್ಯೋಗ ನೀಡಿ ಅವರ ಬದುಕನ್ನು ಕಟ್ಟಿಕೊಟ್ಟರು. ಶಿಕ್ಷಣ, ಆರೋಗ್ಯ, ಕೈಗಾರಿಕೆ ಕ್ಷೇತ್ರಗಳಲ್ಲಿ ಅವರ ಕೊಡುಗೆ ಅಪಾರ. ನಗರದ ಅಭಿವೃದ್ಧಿಗೆ ಅವರು ನೀಡಿದ ಸೇವೆ ಸ್ಮರಣೀಯ ಎಂದು ಗಣ್ಯರು ಶ್ಲಾಘಿಸಿದರು. ಕಾರ್ಯಕ್ರಮದಲ್ಲಿ ಅನೇಕ ಸಂಘಟನೆಗಳ ಪದಾಧಿಕಾರಿಗಳು, ಕಾರ್ಮಿಕರು ಭಾಗವಹಿಸಿದ್ದರು. ಅವರ ಆದರ್ಶಗಳನ್ನು ಯುವಜನತೆ ಅನುಸರಿಸಬೇಕು ಎಂದು ಸಲಹೆ ನೀಡಿದರು.

ಎಲ್ಲೆ ಮೀರಿಗಳು, ಶ್ರೀಮಂತರಿಗಳು ಒಂದೊಂದಾಗಿ ಮುಚ್ಚಿ ಹೋಗುತ್ತಿರುವ ಕಾಲದಲ್ಲಿ ದಾವಣಗೆರೆಯ ಜನರ ಬದುಕಿಗೆ ಆಸರೆಯಾಗಿ ನಿಂತವರು ಶಾಮನೂರು ಶಿವಶಂಕರಪ್ಪನವರು. ಸಾವಿರಾರು ಕುಟುಂಬಗಳಿಗೆ ಉದ್ಯೋಗ ನೀಡಿ ಅವರ ಬದುಕನ್ನು ಕಟ್ಟಿಕೊಟ್ಟರು. ಶಿಕ್ಷಣ, ಆರೋಗ್ಯ, ಕೈಗಾರಿಕೆ ಕ್ಷೇತ್ರಗಳಲ್ಲಿ ಅವರ ಕೊಡುಗೆ ಅಪಾರ. ನಗರದ ಅಭಿವೃದ್ಧಿಗೆ ಅವರು ನೀಡಿದ ಸೇವೆ ಸ್ಮರಣೀಯ ಎಂದು ಗಣ್ಯರು ಶ್ಲಾಘಿಸಿದರು. ಕಾರ್ಯಕ್ರಮದಲ್ಲಿ ಅನೇಕ ಸಂಘಟನೆಗಳ ಪದಾಧಿಕಾರಿಗಳು, ಕಾರ್ಮಿಕರು ಭಾಗವಹಿಸಿದ್ದರು. ಅವರ ಆದರ್ಶಗಳನ್ನು ಯುವಜನತೆ ಅನುಸರಿಸಬೇಕು ಎಂದು ಸಲಹೆ ನೀಡಿದರು.

ಎಲ್ಲೆ ಮೀರಿಗಳು, ಶ್ರೀಮಂತರಿಗಳು ಒಂದೊಂದಾಗಿ ಮುಚ್ಚಿ ಹೋಗುತ್ತಿರುವ ಕಾಲದಲ್ಲಿ ದಾವಣಗೆರೆಯ ಜನರ ಬದುಕಿಗೆ ಆಸರೆಯಾಗಿ ನಿಂತವರು ಶಾಮನೂರು ಶಿವಶಂಕರಪ್ಪನವರು. ಸಾವಿರಾರು ಕುಟುಂಬಗಳಿಗೆ ಉದ್ಯೋಗ ನೀಡಿ ಅವರ ಬದುಕನ್ನು ಕಟ್ಟಿಕೊಟ್ಟರು. ಶಿಕ್ಷಣ, ಆರೋಗ್ಯ, ಕೈಗಾರಿಕೆ ಕ್ಷೇತ್ರಗಳಲ್ಲಿ ಅವರ ಕೊಡುಗೆ ಅಪಾರ. ನಗರದ ಅಭಿವೃದ್ಧಿಗೆ ಅವರು ನೀಡಿದ ಸೇವೆ ಸ್ಮರಣೀಯ ಎಂದು ಗಣ್ಯರು ಶ್ಲಾಘಿಸಿದರು. ಕಾರ್ಯಕ್ರಮದಲ್ಲಿ ಅನೇಕ ಸಂಘಟನೆಗಳ ಪದಾಧಿಕಾರಿಗಳು, ಕಾರ್ಮಿಕರು ಭಾಗವಹಿಸಿದ್ದರು. ಅವರ ಆದರ್ಶಗಳನ್ನು ಯುವಜನತೆ ಅನುಸರಿಸಬೇಕು ಎಂದು ಸಲಹೆ ನೀಡಿದರು.

ಎಲ್ಲೆ ಮೀರಿಗಳು, ಶ್ರೀಮಂತರಿಗಳು ಒಂದೊಂದಾಗಿ ಮುಚ್ಚಿ ಹೋಗುತ್ತಿರುವ ಕಾಲದಲ್ಲಿ ದಾವಣಗೆರೆಯ ಜನರ ಬದುಕಿಗೆ ಆಸರೆಯಾಗಿ ನಿಂತವರು ಶಾಮನೂರು ಶಿವಶಂಕರಪ್ಪನವರು. ಸಾವಿರಾರು ಕುಟುಂಬಗಳಿಗೆ ಉದ್ಯೋಗ ನೀಡಿ ಅವರ ಬದುಕನ್ನು ಕಟ್ಟಿಕೊಟ್ಟರು. ಶಿಕ್ಷಣ, ಆರೋಗ್ಯ, ಕೈಗಾರಿಕೆ ಕ್ಷೇತ್ರಗಳಲ್ಲಿ ಅವರ ಕೊಡುಗೆ ಅಪಾರ. ನಗರದ ಅಭಿವೃದ್ಧಿಗೆ ಅವರು ನೀಡಿದ ಸೇವೆ ಸ್ಮರಣೀಯ ಎಂದು ಗಣ್ಯರು ಶ್ಲಾಘಿಸಿದರು. ಕಾರ್ಯಕ್ರಮದಲ್ಲಿ ಅನೇಕ ಸಂಘಟನೆಗಳ ಪದಾಧಿಕಾರಿಗಳು, ಕಾರ್ಮಿಕರು ಭಾಗವಹಿಸಿದ್ದರು. ಅವರ ಆದರ್ಶಗಳನ್ನು ಯುವಜನತೆ ಅನುಸರಿಸಬೇಕು ಎಂದು ಸಲಹೆ ನೀಡಿದರು.

ಎಲ್ಲೆ ಮೀರಿಗಳು, ಶ್ರೀಮಂತರಿಗಳು ಒಂದೊಂದಾಗಿ ಮುಚ್ಚಿ ಹೋಗುತ್ತಿರುವ ಕಾಲದಲ್ಲಿ ದಾವಣಗೆರೆಯ ಜನರ ಬದುಕಿಗೆ ಆಸರೆಯಾಗಿ ನಿಂತವರು ಶಾಮನೂರು ಶಿವಶಂಕರಪ್ಪನವರು. ಸಾವಿರಾರು ಕುಟುಂಬಗಳಿಗೆ ಉದ್ಯೋಗ ನೀಡಿ ಅವರ ಬದುಕನ್ನು ಕಟ್ಟಿಕೊಟ್ಟರು. ಶಿಕ್ಷಣ, ಆರೋಗ್ಯ, ಕೈಗಾರಿಕೆ ಕ್ಷೇತ್ರಗಳಲ್ಲಿ ಅವರ ಕೊಡುಗೆ ಅಪಾರ. ನಗರದ ಅಭಿವೃದ್ಧಿಗೆ ಅವರು ನೀಡಿದ ಸೇವೆ ಸ್ಮರಣೀಯ ಎಂದು ಗಣ್ಯರು ಶ್ಲಾಘಿಸಿದರು. ಕಾರ್ಯಕ್ರಮದಲ್ಲಿ ಅನೇಕ ಸಂಘಟನೆಗಳ ಪದಾಧಿಕಾರಿಗಳು, ಕಾರ್ಮಿಕರು ಭಾಗವಹಿಸಿದ್ದರು. ಅವರ ಆದರ್ಶಗಳನ್ನು ಯುವಜನತೆ ಅನುಸರಿಸಬೇಕು ಎಂದು ಸಲಹೆ ನೀಡಿದರು.

ಮುಖ್ಯಮಂತ್ರಿ ಆಯ್ಕೆಗೆ ಎಲ್ಲರೂ ಸಹಮತ ಅಗತ್ಯ: ಯತೀಂದ್ರ ಸಿದ್ದರಾಮಯ್ಯ

ದಾವಣಗೆರೆ: ಮುಖ್ಯಮಂತ್ರಿ ಆಯ್ಕೆ ವಿಚಾರದಲ್ಲಿ ಹೈಕಮಾಂಡ್ ತೀರ್ಮಾನವೇ ಅಂತಿಮ. ಶಾಸಕರೆಲ್ಲರ ಸಹಮತದೊಂದಿಗೆ ಮಾತ್ರ ಬದಲಾವಣೆ ಸಾಧ್ಯ ಎಂದು ವಿಧಾನ ಪರಿಷತ್ ಸದಸ್ಯ ಡಾ. ಯತೀಂದ್ರ ಸಿದ್ದರಾಮಯ್ಯ ಹೇಳಿದರು. ಸಿದ್ದರಾಮಯ್ಯ ಅವರೇ ಪೂರ್ಣಾವಧಿ ಮುಖ್ಯಮಂತ್ರಿಯಾಗಿ ಮುಂದುವರಿಯಲಿದ್ದಾರೆ. ಸರ್ಕಾರದ ಗ್ಯಾರಂಟಿ ಯೋಜನೆಗಳು ಜನರಿಗೆ ತಲುಪಿವೆ ಎಂದರು.

ಮುಖ್ಯಮಂತ್ರಿ ಆಯ್ಕೆ ವಿಚಾರದಲ್ಲಿ ಹೈಕಮಾಂಡ್ ತೀರ್ಮಾನವೇ ಅಂತಿಮ. ಶಾಸಕರೆಲ್ಲರ ಸಹಮತದೊಂದಿಗೆ ಮಾತ್ರ ಬದಲಾವಣೆ ಸಾಧ್ಯ ಎಂದು ವಿಧಾನ ಪರಿಷತ್ ಸದಸ್ಯ ಡಾ. ಯತೀಂದ್ರ ಸಿದ್ದರಾಮಯ್ಯ ಹೇಳಿದರು. ಸಿದ್ದರಾಮಯ್ಯ ಅವರೇ ಪೂರ್ಣಾವಧಿ ಮುಖ್ಯಮಂತ್ರಿಯಾಗಿ ಮುಂದುವರಿಯಲಿದ್ದಾರೆ. ಸರ್ಕಾರದ ಗ್ಯಾರಂಟಿ ಯೋಜನೆಗಳು ಜನರಿಗೆ ತಲುಪಿವೆ ಎಂದರು.

ಮುಖ್ಯಮಂತ್ರಿ ಆಯ್ಕೆ ವಿಚಾರದಲ್ಲಿ ಹೈಕಮಾಂಡ್ ತೀರ್ಮಾನವೇ ಅಂತಿಮ. ಶಾಸಕರೆಲ್ಲರ ಸಹಮತದೊಂದಿಗೆ ಮಾತ್ರ ಬದಲಾವಣೆ ಸಾಧ್ಯ ಎಂದು ವಿಧಾನ ಪರಿಷತ್ ಸದಸ್ಯ ಡಾ. ಯತೀಂದ್ರ ಸಿದ್ದರಾಮಯ್ಯ ಹೇಳಿದರು. ಸಿದ್ದರಾಮಯ್ಯ ಅವರೇ ಪೂರ್ಣಾವಧಿ ಮುಖ್ಯಮಂತ್ರಿಯಾಗಿ ಮುಂದುವರಿಯಲಿದ್ದಾರೆ. ಸರ್ಕಾರದ ಗ್ಯಾರಂಟಿ ಯೋಜನೆಗಳು ಜನರಿಗೆ ತಲುಪಿವೆ ಎಂದರು.

ಮೆಕ್ಕೆಜೋಳ ಖರೀದಿ: ನೋಂದಣಿ ಅವಧಿ ಫೆ. 13ರವರೆಗೆ ವಿಸ್ತರಣೆ

ಚಿತ್ರದುರ್ಗ: ಮಾರುಕಟ್ಟೆ ಮಧ್ಯಪ್ರವೇಶ ಯೋಜನೆಯಡಿ ಮೆಕ್ಕೆಜೋಳ ಖರೀದಿಗೆ ರೈತರ ನೋಂದಣಿ ಅವಧಿಯನ್ನು ಫೆಬ್ರವರಿ 13ರವರೆಗೆ ವಿಸ್ತರಿಸಲಾಗಿದೆ. 2025-26ನೇ ಸಾಲಿನ ಹಂಗಾಮಿನಲ್ಲಿ ಬೆಳೆದ ಮೆಕ್ಕೆಜೋಳವನ್ನು ಬೆಂಬಲ ಬೆಲೆಯಲ್ಲಿ ಖರೀದಿಸಲಾಗುವುದು. ರೈತರು ತಮ್ಮ ಸಮೀಪದ ಖರೀದಿ ಕೇಂದ್ರಗಳಲ್ಲಿ ನೋಂದಾಯಿಸಿಕೊಳ್ಳಬೇಕು ಎಂದು ಜಿಲ್ಲಾಧಿಕಾರಿ ತಿಳಿಸಿದ್ದಾರೆ.

ಮಾರುಕಟ್ಟೆ ಮಧ್ಯಪ್ರವೇಶ ಯೋಜನೆಯಡಿ ಮೆಕ್ಕೆಜೋಳ ಖರೀದಿಗೆ ರೈತರ ನೋಂದಣಿ ಅವಧಿಯನ್ನು ಫೆಬ್ರವರಿ 13ರವರೆಗೆ ವಿಸ್ತರಿಸಲಾಗಿದೆ. 2025-26ನೇ ಸಾಲಿನ ಹಂಗಾಮಿನಲ್ಲಿ ಬೆಳೆದ ಮೆಕ್ಕೆಜೋಳವನ್ನು ಬೆಂಬಲ ಬೆಲೆಯಲ್ಲಿ ಖರೀದಿಸಲಾಗುವುದು. ರೈತರು ತಮ್ಮ ಸಮೀಪದ ಖರೀದಿ ಕೇಂದ್ರಗಳಲ್ಲಿ ನೋಂದಾಯಿಸಿಕೊಳ್ಳಬೇಕು ಎಂದು ಜಿಲ್ಲಾಧಿಕಾರಿ ತಿಳಿಸಿದ್ದಾರೆ.

ಸರ್ಕಾರಿ ಕಲಾ ಕಾಲೇಜಿನಲ್ಲಿ ಎಫ್‌ಕೆಸಿಸಿಐ ಇನ್ನೋ-ಮಂಥನ್ ಕಾರ್ಯಾಗಾರ

ಚಿತ್ರದುರ್ಗ: ನಗರದ ಸರ್ಕಾರಿ ಕಲಾ ಕಾಲೇಜಿನಲ್ಲಿ ಎಫ್‌ಕೆಸಿಸಿಐ ಸಹಯೋಗದಲ್ಲಿ ಇನ್ನೋ-ಮಂಥನ್ ಕಾರ್ಯಾಗಾರ ನಡೆಯಿತು. ವಿದ್ಯಾರ್ಥಿಗಳಲ್ಲಿ ಉದ್ಯಮಶೀಲತೆ ಹಾಗೂ ನವೀನ ಚಿಂತನೆ ಬೆಳೆಸುವ ಉದ್ದೇಶದಿಂದ ಆಯೋಜಿಸಲಾಗಿತ್ತು. ತಜ್ಞರು ಸ್ಟಾರ್ಟ್‌ಅಪ್ ಹಾಗೂ ಉದ್ಯೋಗಾವಕಾಶಗಳ ಬಗ್ಗೆ ಮಾಹಿತಿ ನೀಡಿದರು.

ನಗರದ ಸರ್ಕಾರಿ ಕಲಾ ಕಾಲೇಜಿನಲ್ಲಿ ಎಫ್‌ಕೆಸಿಸಿಐ ಸಹಯೋಗದಲ್ಲಿ ಇನ್ನೋ-ಮಂಥನ್ ಕಾರ್ಯಾಗಾರ ನಡೆಯಿತು. ವಿದ್ಯಾರ್ಥಿಗಳಲ್ಲಿ ಉದ್ಯಮಶೀಲತೆ ಹಾಗೂ ನವೀನ ಚಿಂತನೆ ಬೆಳೆಸುವ ಉದ್ದೇಶದಿಂದ ಆಯೋಜಿಸಲಾಗಿತ್ತು. ತಜ್ಞರು ಸ್ಟಾರ್ಟ್‌ಅಪ್ ಹಾಗೂ ಉದ್ಯೋಗಾವಕಾಶಗಳ ಬಗ್ಗೆ ಮಾಹಿತಿ ನೀಡಿದರು.

Edited, Printed and Published by B.T. Amuthan M.A. on behalf of M/s Karnataka News Publications (P) Ltd., Printed at Dinasudar Printing Division, Plot No. C-46, Industrial Area, Lokikere Road, Davanagere-05 Ph: 9449440101. RNI No. KAR KAN 2005/16406
